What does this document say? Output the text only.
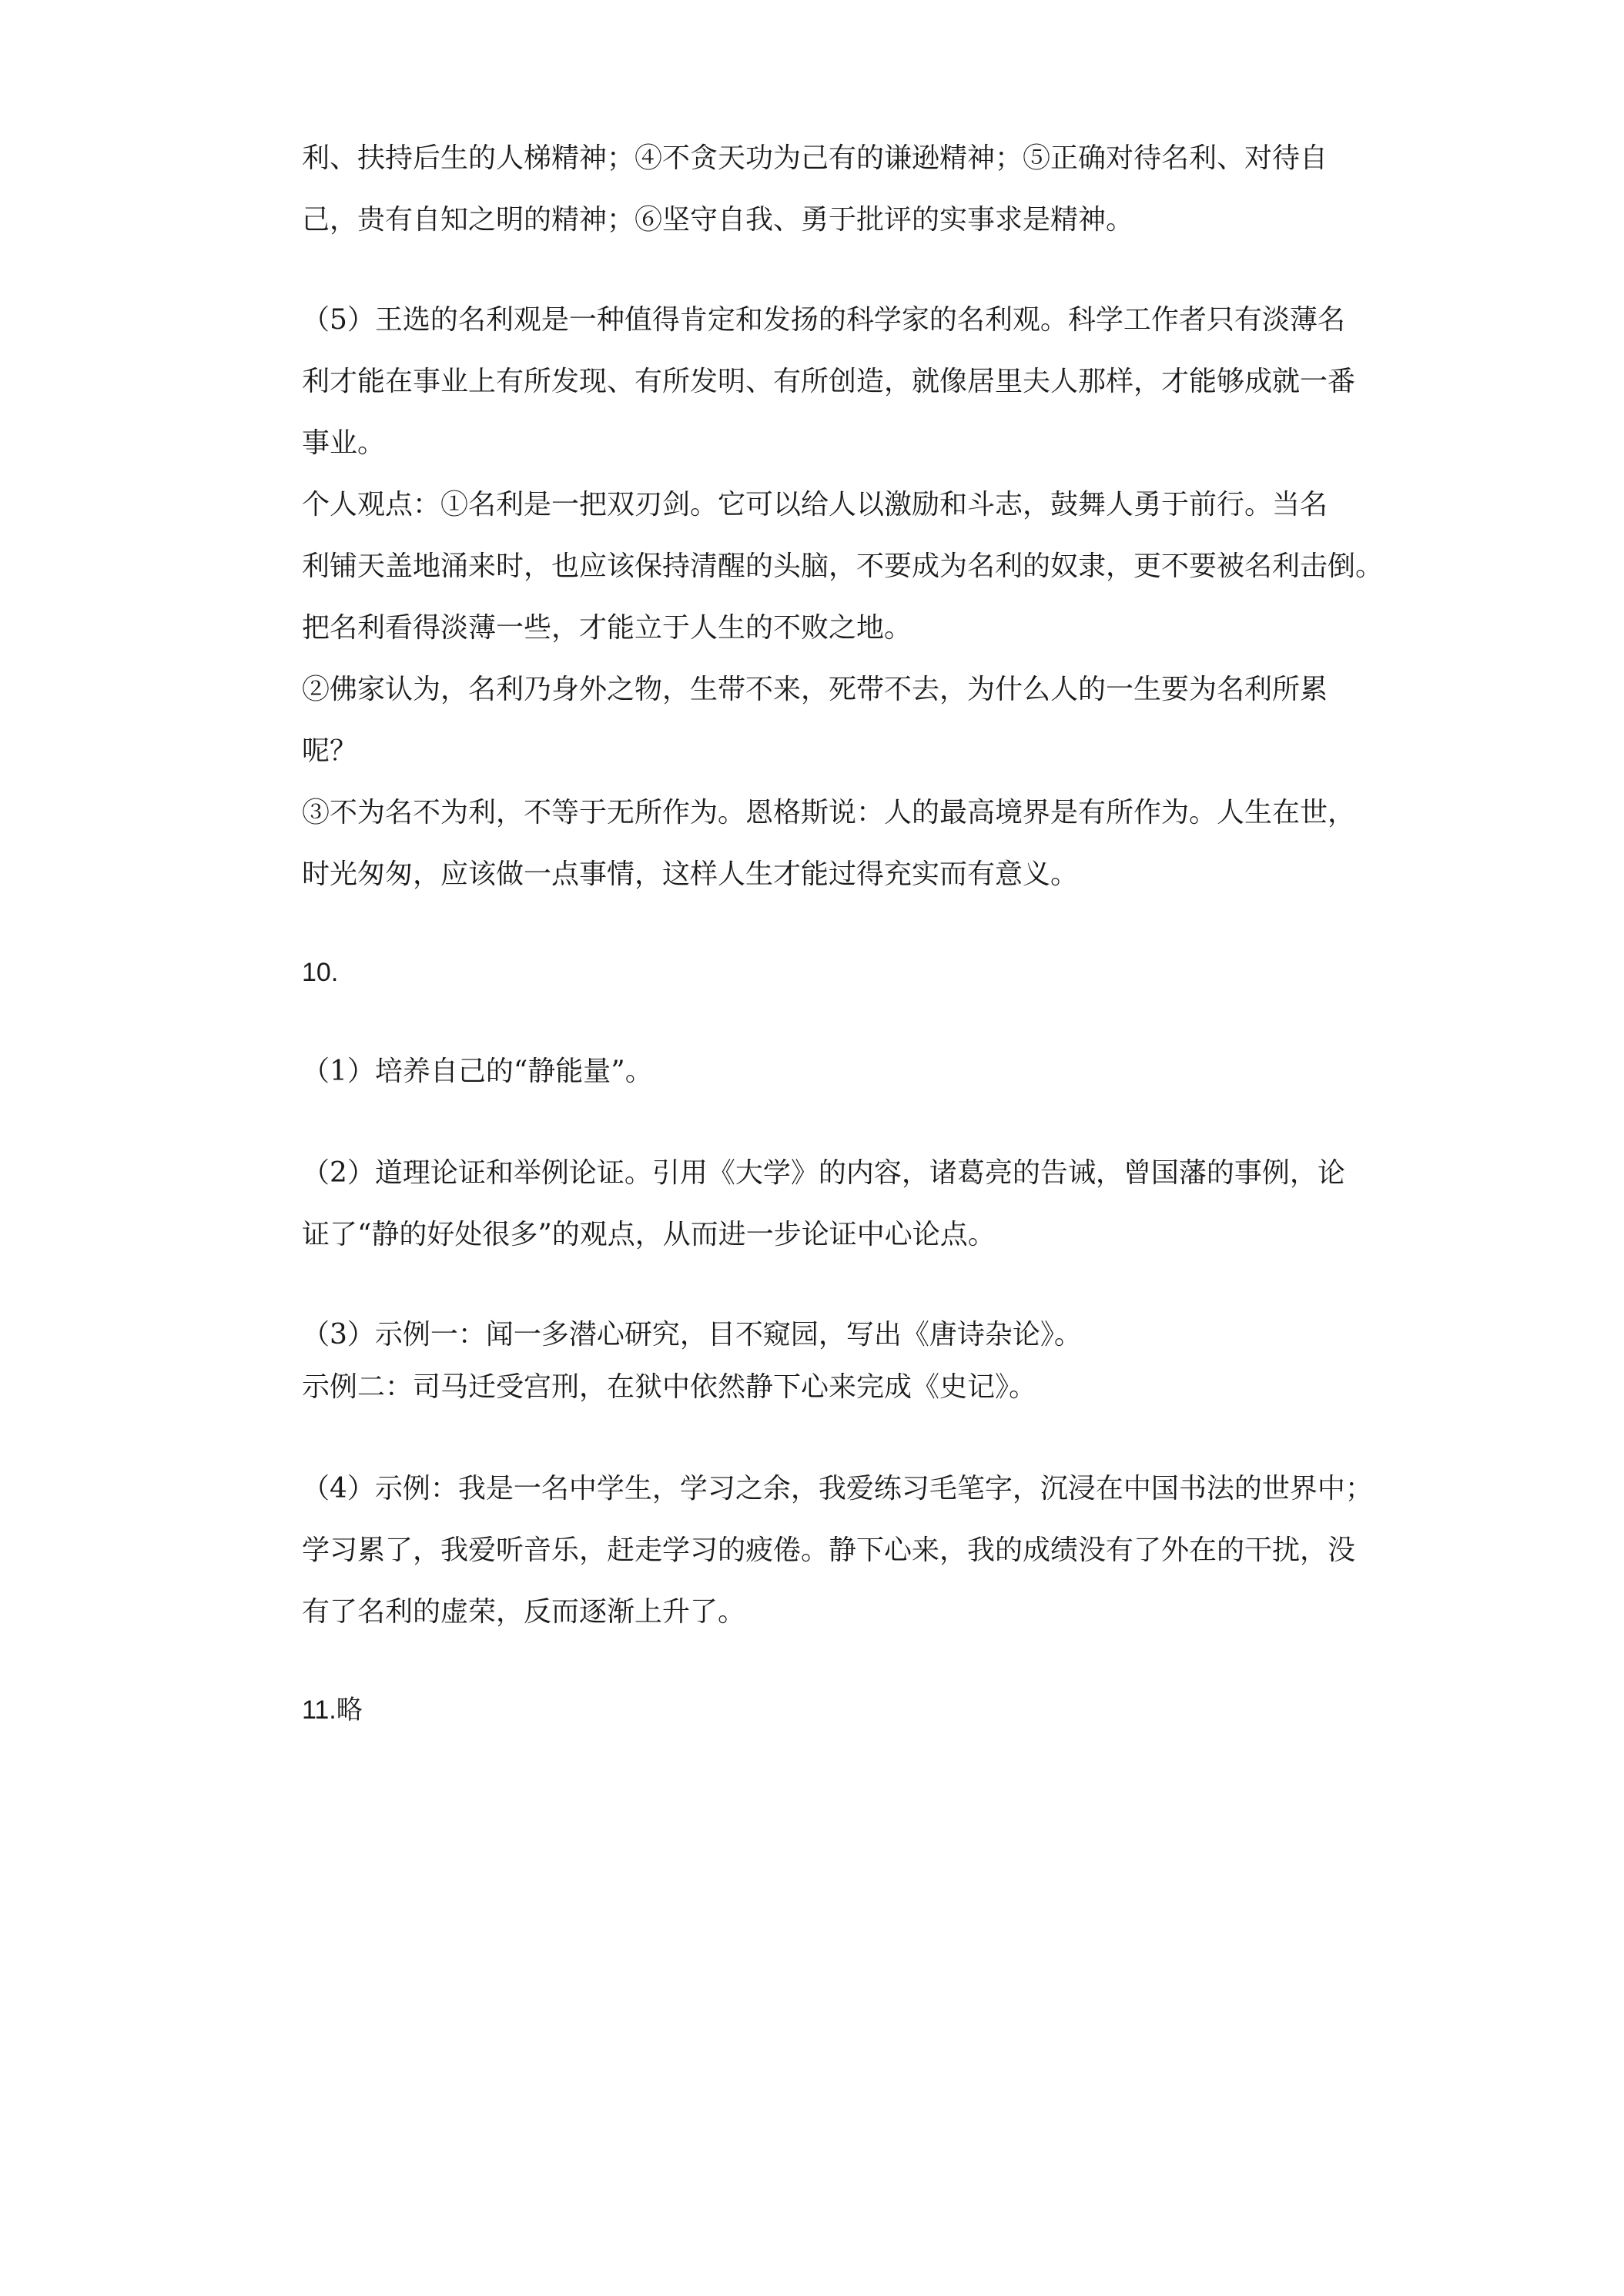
利、扶持后生的人梯精神；④不贪天功为己有的谦逊精神；⑤正确对待名利、对待自

己，贵有自知之明的精神；⑥坚守自我、勇于批评的实事求是精神。

（5）王选的名利观是一种值得肯定和发扬的科学家的名利观。科学工作者只有淡薄名

利才能在事业上有所发现、有所发明、有所创造，就像居里夫人那样，才能够成就一番

事业。

个人观点：①名利是一把双刃剑。它可以给人以激励和斗志，鼓舞人勇于前行。当名

利铺天盖地涌来时，也应该保持清醒的头脑，不要成为名利的奴隶，更不要被名利击倒。

把名利看得淡薄一些，才能立于人生的不败之地。

②佛家认为，名利乃身外之物，生带不来，死带不去，为什么人的一生要为名利所累

呢？

③不为名不为利，不等于无所作为。恩格斯说：人的最高境界是有所作为。人生在世，

时光匆匆，应该做一点事情，这样人生才能过得充实而有意义。

10.

（1）培养自己的“静能量”。

（2）道理论证和举例论证。引用《大学》的内容，诸葛亮的告诫，曾国藩的事例，论

证了“静的好处很多”的观点，从而进一步论证中心论点。

（3）示例一：闻一多潜心研究，目不窥园，写出《唐诗杂论》。

示例二：司马迁受宫刑，在狱中依然静下心来完成《史记》。

（4）示例：我是一名中学生，学习之余，我爱练习毛笔字，沉浸在中国书法的世界中；

学习累了，我爱听音乐，赶走学习的疲倦。静下心来，我的成绩没有了外在的干扰，没

有了名利的虚荣，反而逐渐上升了。

11.略
